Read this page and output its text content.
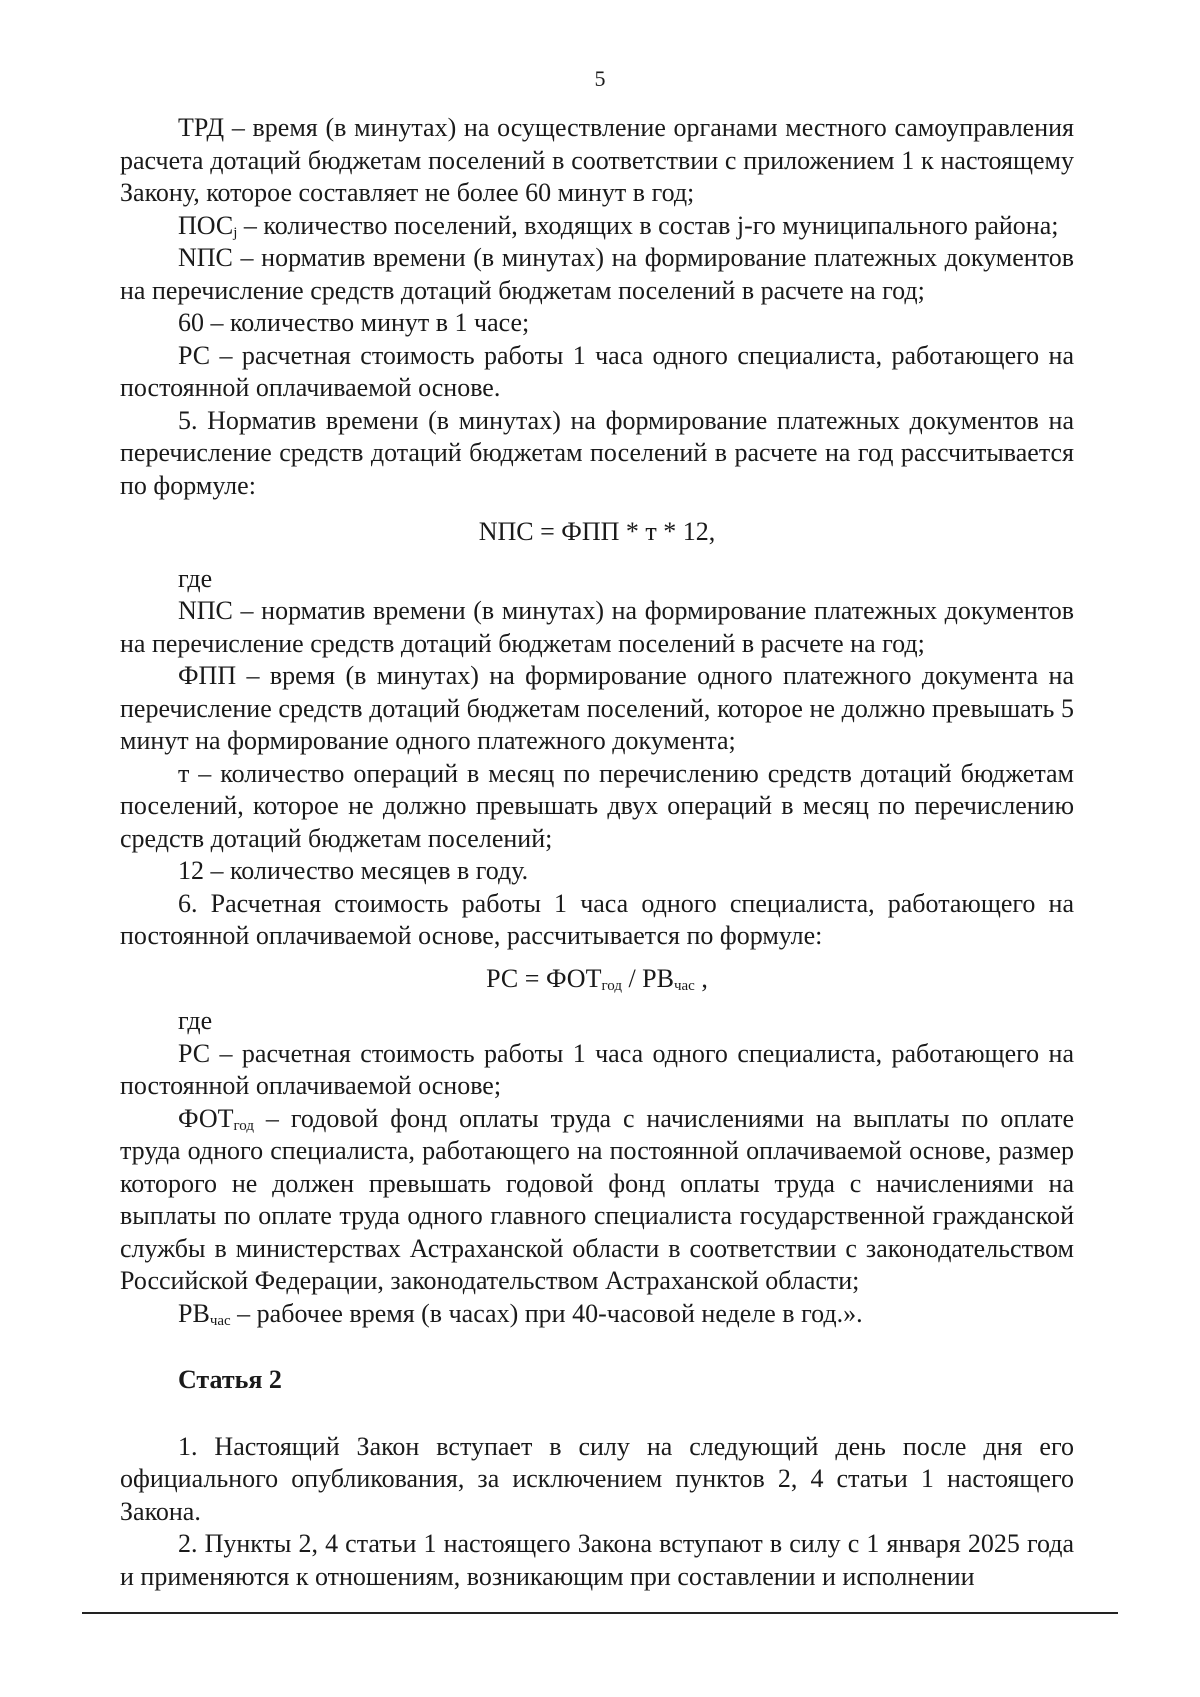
5

ТРД – время (в минутах) на осуществление органами местного самоуправления расчета дотаций бюджетам поселений в соответствии с приложением 1 к настоящему Закону, которое составляет не более 60 минут в год;

$ПОС_j$ – количество поселений, входящих в состав j-го муниципального района;

NПС – норматив времени (в минутах) на формирование платежных документов на перечисление средств дотаций бюджетам поселений в расчете на год;

60 – количество минут в 1 часе;

РС – расчетная стоимость работы 1 часа одного специалиста, работающего на постоянной оплачиваемой основе.

5. Норматив времени (в минутах) на формирование платежных документов на перечисление средств дотаций бюджетам поселений в расчете на год рассчитывается по формуле:

NПС = ФПП * т * 12,

где

NПС – норматив времени (в минутах) на формирование платежных документов на перечисление средств дотаций бюджетам поселений в расчете на год;

ФПП – время (в минутах) на формирование одного платежного документа на перечисление средств дотаций бюджетам поселений, которое не должно превышать 5 минут на формирование одного платежного документа;

т – количество операций в месяц по перечислению средств дотаций бюджетам поселений, которое не должно превышать двух операций в месяц по перечислению средств дотаций бюджетам поселений;

12 – количество месяцев в году.

6. Расчетная стоимость работы 1 часа одного специалиста, работающего на постоянной оплачиваемой основе, рассчитывается по формуле:

РС = $ФОТ_{год} / РВ_{час}$ ,

где

РС – расчетная стоимость работы 1 часа одного специалиста, работающего на постоянной оплачиваемой основе;

$ФОТ_{год}$ – годовой фонд оплаты труда с начислениями на выплаты по оплате труда одного специалиста, работающего на постоянной оплачиваемой основе, размер которого не должен превышать годовой фонд оплаты труда с начислениями на выплаты по оплате труда одного главного специалиста государственной гражданской службы в министерствах Астраханской области в соответствии с законодательством Российской Федерации, законодательством Астраханской области;

$РВ_{час}$ – рабочее время (в часах) при 40-часовой неделе в год.».

Статья 2

1. Настоящий Закон вступает в силу на следующий день после дня его официального опубликования, за исключением пунктов 2, 4 статьи 1 настоящего Закона.

2. Пункты 2, 4 статьи 1 настоящего Закона вступают в силу с 1 января 2025 года и применяются к отношениям, возникающим при составлении и исполнении
